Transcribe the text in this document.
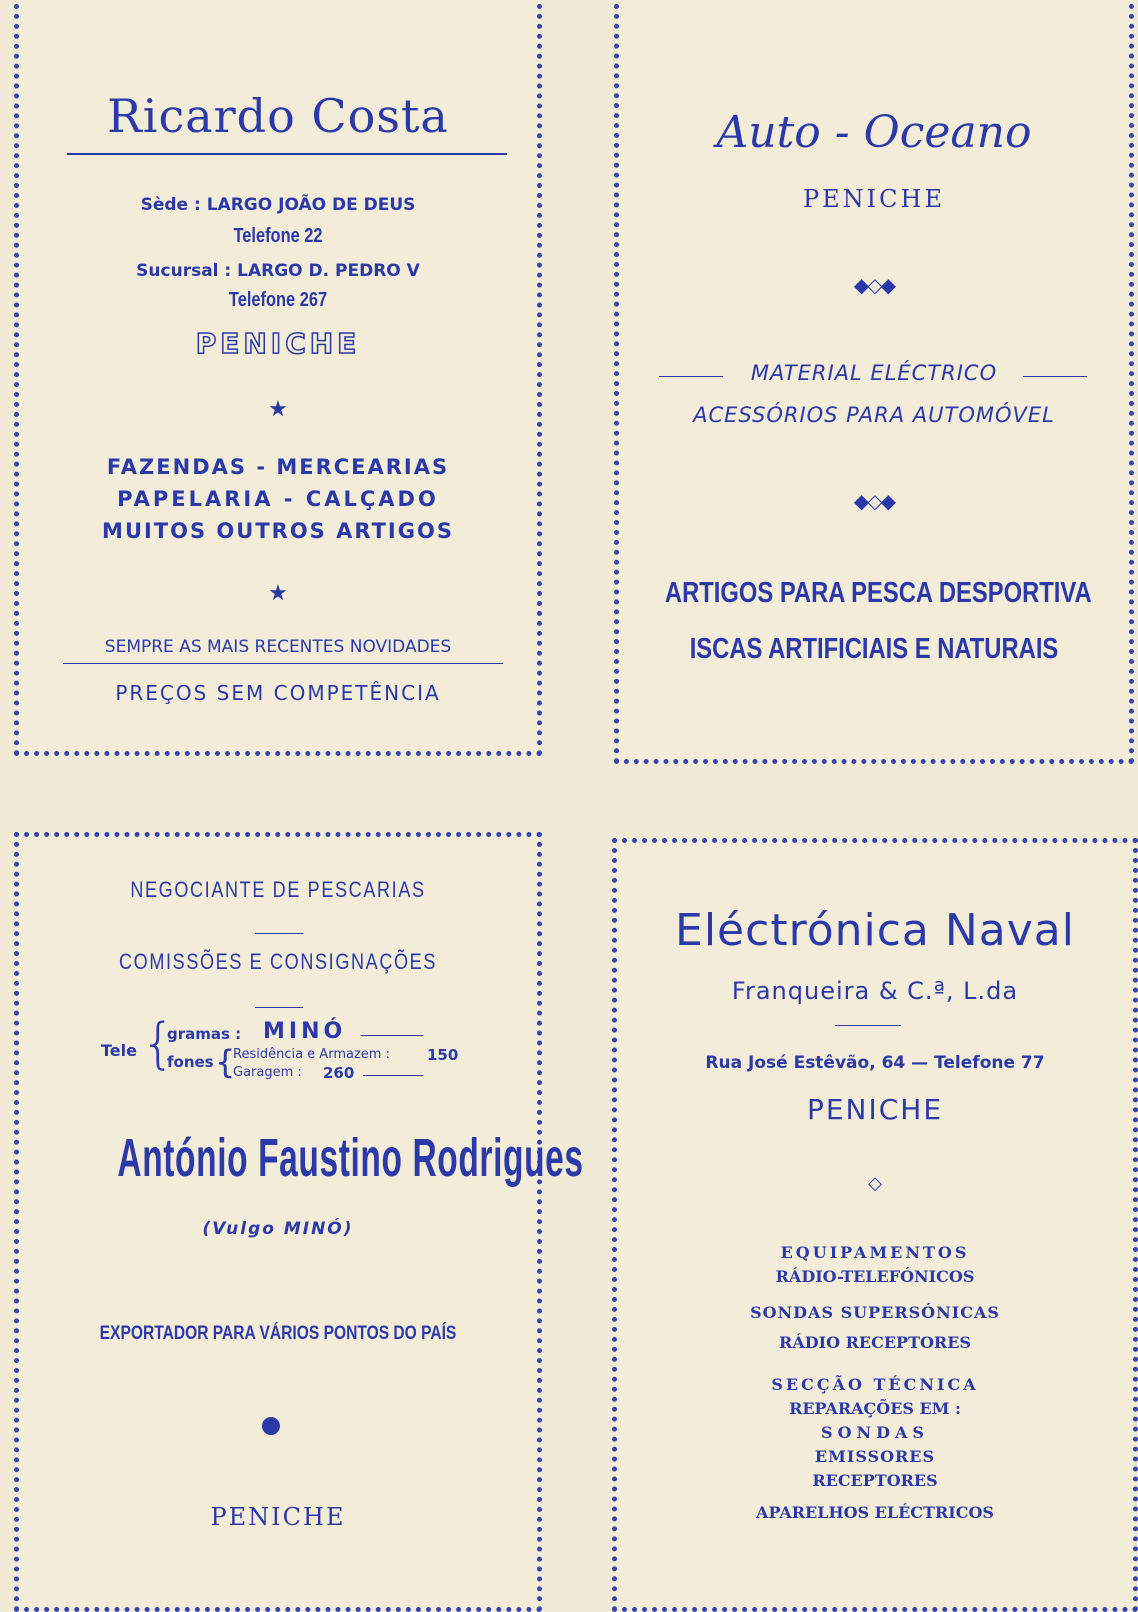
Ricardo Costa
Sède : LARGO JOÃO DE DEUS
Telefone 22
Sucursal : LARGO D. PEDRO V
Telefone 267
PENICHE
★
FAZENDAS - MERCEARIAS
PAPELARIA - CALÇADO
MUITOS OUTROS ARTIGOS
★
SEMPRE AS MAIS RECENTES NOVIDADES
PREÇOS SEM COMPETÊNCIA
Auto - Oceano
PENICHE
◆◇◆
MATERIAL ELÉCTRICO
ACESSÓRIOS PARA AUTOMÓVEL
◆◇◆
ARTIGOS PARA PESCA DESPORTIVA
ISCAS ARTIFICIAIS E NATURAIS
NEGOCIANTE DE PESCARIAS
COMISSÕES E CONSIGNAÇÕES
Tele {
gramas : MINÓ
fones {
Residência e Armazem : 150
Garagem : 260
António Faustino Rodrigues
(Vulgo MINÓ)
EXPORTADOR PARA VÁRIOS PONTOS DO PAÍS
PENICHE
Eléctrónica Naval
Franqueira & C.ª, L.da
Rua José Estêvão, 64 — Telefone 77
PENICHE
◇
EQUIPAMENTOS
RÁDIO-TELEFÓNICOS
SONDAS SUPERSÓNICAS
RÁDIO RECEPTORES
SECÇÃO TÉCNICA
REPARAÇÕES EM :
SONDAS
EMISSORES
RECEPTORES
APARELHOS ELÉCTRICOS
